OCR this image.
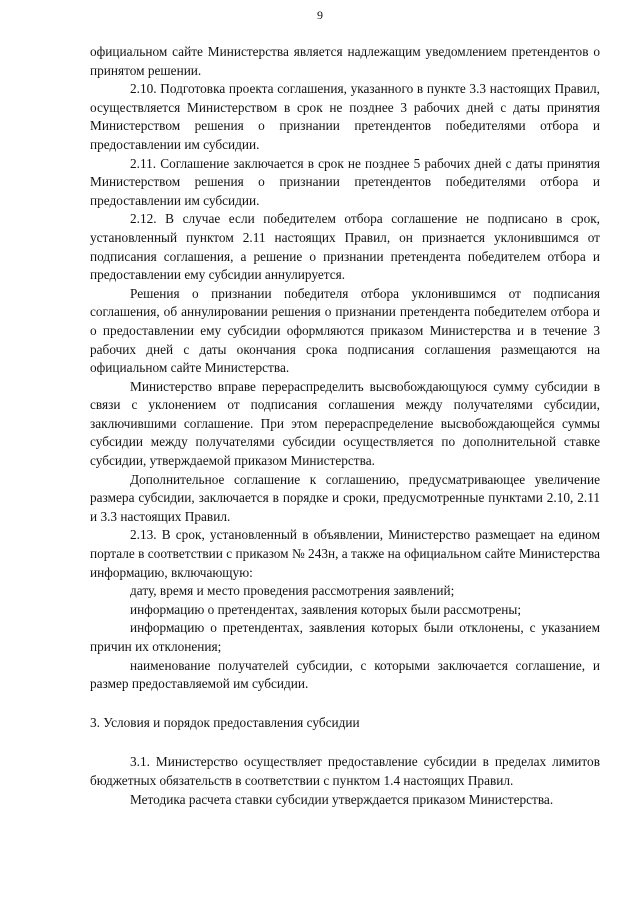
9

официальном сайте Министерства является надлежащим уведомлением претендентов о принятом решении.

2.10. Подготовка проекта соглашения, указанного в пункте 3.3 настоящих Правил, осуществляется Министерством в срок не позднее 3 рабочих дней с даты принятия Министерством решения о признании претендентов победителями отбора и предоставлении им субсидии.

2.11. Соглашение заключается в срок не позднее 5 рабочих дней с даты принятия Министерством решения о признании претендентов победителями отбора и предоставлении им субсидии.

2.12. В случае если победителем отбора соглашение не подписано в срок, установленный пунктом 2.11 настоящих Правил, он признается уклонившимся от подписания соглашения, а решение о признании претендента победителем отбора и предоставлении ему субсидии аннулируется.

Решения о признании победителя отбора уклонившимся от подписания соглашения, об аннулировании решения о признании претендента победителем отбора и о предоставлении ему субсидии оформляются приказом Министерства и в течение 3 рабочих дней с даты окончания срока подписания соглашения размещаются на официальном сайте Министерства.

Министерство вправе перераспределить высвобождающуюся сумму субсидии в связи с уклонением от подписания соглашения между получателями субсидии, заключившими соглашение. При этом перераспределение высвобождающейся суммы субсидии между получателями субсидии осуществляется по дополнительной ставке субсидии, утверждаемой приказом Министерства.

Дополнительное соглашение к соглашению, предусматривающее увеличение размера субсидии, заключается в порядке и сроки, предусмотренные пунктами 2.10, 2.11 и 3.3 настоящих Правил.

2.13. В срок, установленный в объявлении, Министерство размещает на едином портале в соответствии с приказом № 243н, а также на официальном сайте Министерства информацию, включающую:

дату, время и место проведения рассмотрения заявлений;

информацию о претендентах, заявления которых были рассмотрены;

информацию о претендентах, заявления которых были отклонены, с указанием причин их отклонения;

наименование получателей субсидии, с которыми заключается соглашение, и размер предоставляемой им субсидии.

3. Условия и порядок предоставления субсидии

3.1. Министерство осуществляет предоставление субсидии в пределах лимитов бюджетных обязательств в соответствии с пунктом 1.4 настоящих Правил.

Методика расчета ставки субсидии утверждается приказом Министерства.
